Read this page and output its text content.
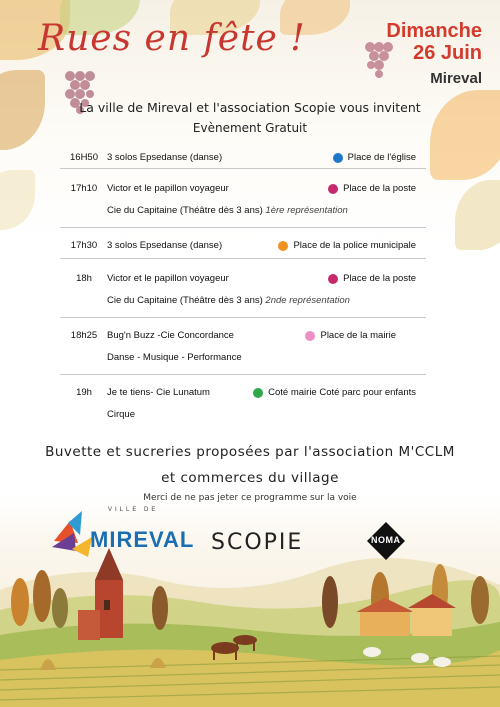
Rues en fête !	Dimanche
26 Juin
Mireval
La ville de Mireval et l'association Scopie vous invitent
Evènement Gratuit
16H50 3 solos Epsedanse (danse)	Place de l'église
17h10	Victor et le papillon voyageur	Place de la poste
Cie du Capitaine (Théâtre dès 3 ans) 1ère représentation
17h30	3 solos Epsedanse (danse)	Place de la police municipale
18h	Victor et le papillon voyageur	Place de la poste
Cie du Capitaine (Théâtre dès 3 ans) 2nde représentation
18h25	Bug'n Buzz -Cie Concordance	Place de la mairie
Danse - Musique - Performance
19h	Je te tiens- Cie Lunatum	Coté mairie Coté parc pour enfants
Cirque
Buvette et sucreries proposées par l'association M'CCLM
et commerces du village
Merci de ne pas jeter ce programme sur la voie
VILLE DE
MIREVAL SCOPIE	NOMA
